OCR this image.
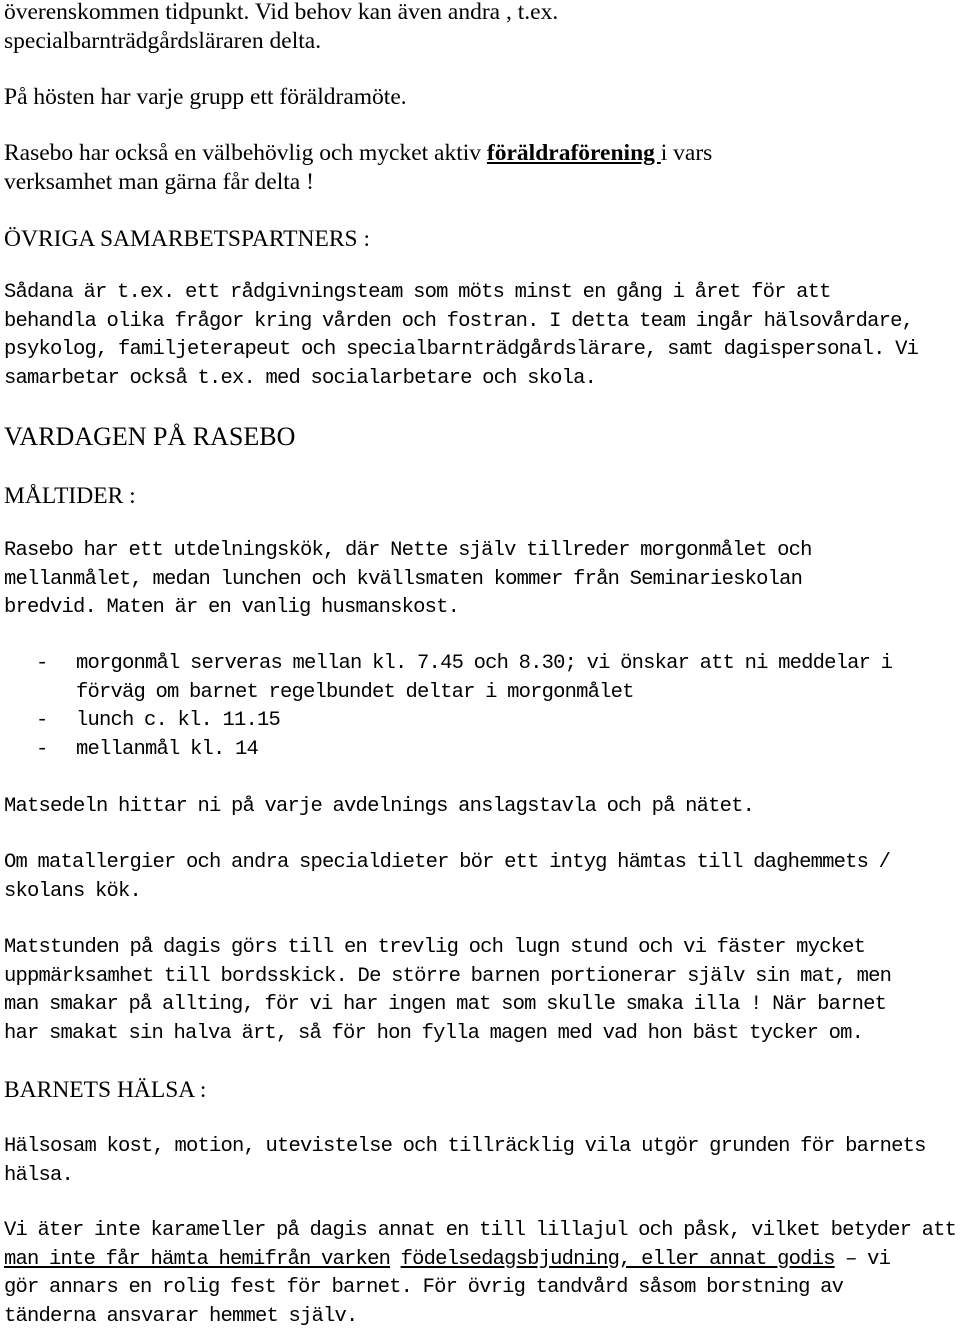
överenskommen tidpunkt. Vid behov kan även andra , t.ex.
specialbarnträdgårdsläraren delta.
På hösten har varje grupp ett föräldramöte.
Rasebo har också en välbehövlig och mycket aktiv föräldraförening i vars
verksamhet man gärna får delta !
ÖVRIGA SAMARBETSPARTNERS :
Sådana är t.ex. ett rådgivningsteam som möts minst en gång i året för att
behandla olika frågor kring vården och fostran. I detta team ingår hälsovårdare,
psykolog, familjeterapeut och specialbarnträdgårdslärare, samt dagispersonal. Vi
samarbetar också t.ex. med socialarbetare och skola.
VARDAGEN PÅ RASEBO
MÅLTIDER :
Rasebo har ett utdelningskök, där Nette själv tillreder morgonmålet och
mellanmålet, medan lunchen och kvällsmaten kommer från Seminarieskolan
bredvid. Maten är en vanlig husmanskost.
- morgonmål serveras mellan kl. 7.45 och 8.30; vi önskar att ni meddelar i
förväg om barnet regelbundet deltar i morgonmålet
- lunch c. kl. 11.15
- mellanmål kl. 14
Matsedeln hittar ni på varje avdelnings anslagstavla och på nätet.
Om matallergier och andra specialdieter bör ett intyg hämtas till daghemmets /
skolans kök.
Matstunden på dagis görs till en trevlig och lugn stund och vi fäster mycket
uppmärksamhet till bordsskick. De större barnen portionerar själv sin mat, men
man smakar på allting, för vi har ingen mat som skulle smaka illa ! När barnet
har smakat sin halva ärt, så för hon fylla magen med vad hon bäst tycker om.
BARNETS HÄLSA :
Hälsosam kost, motion, utevistelse och tillräcklig vila utgör grunden för barnets
hälsa.
Vi äter inte karameller på dagis annat en till lillajul och påsk, vilket betyder att
man inte får hämta hemifrån varken födelsedagsbjudning, eller annat godis – vi
gör annars en rolig fest för barnet. För övrig tandvård såsom borstning av
tänderna ansvarar hemmet själv.
